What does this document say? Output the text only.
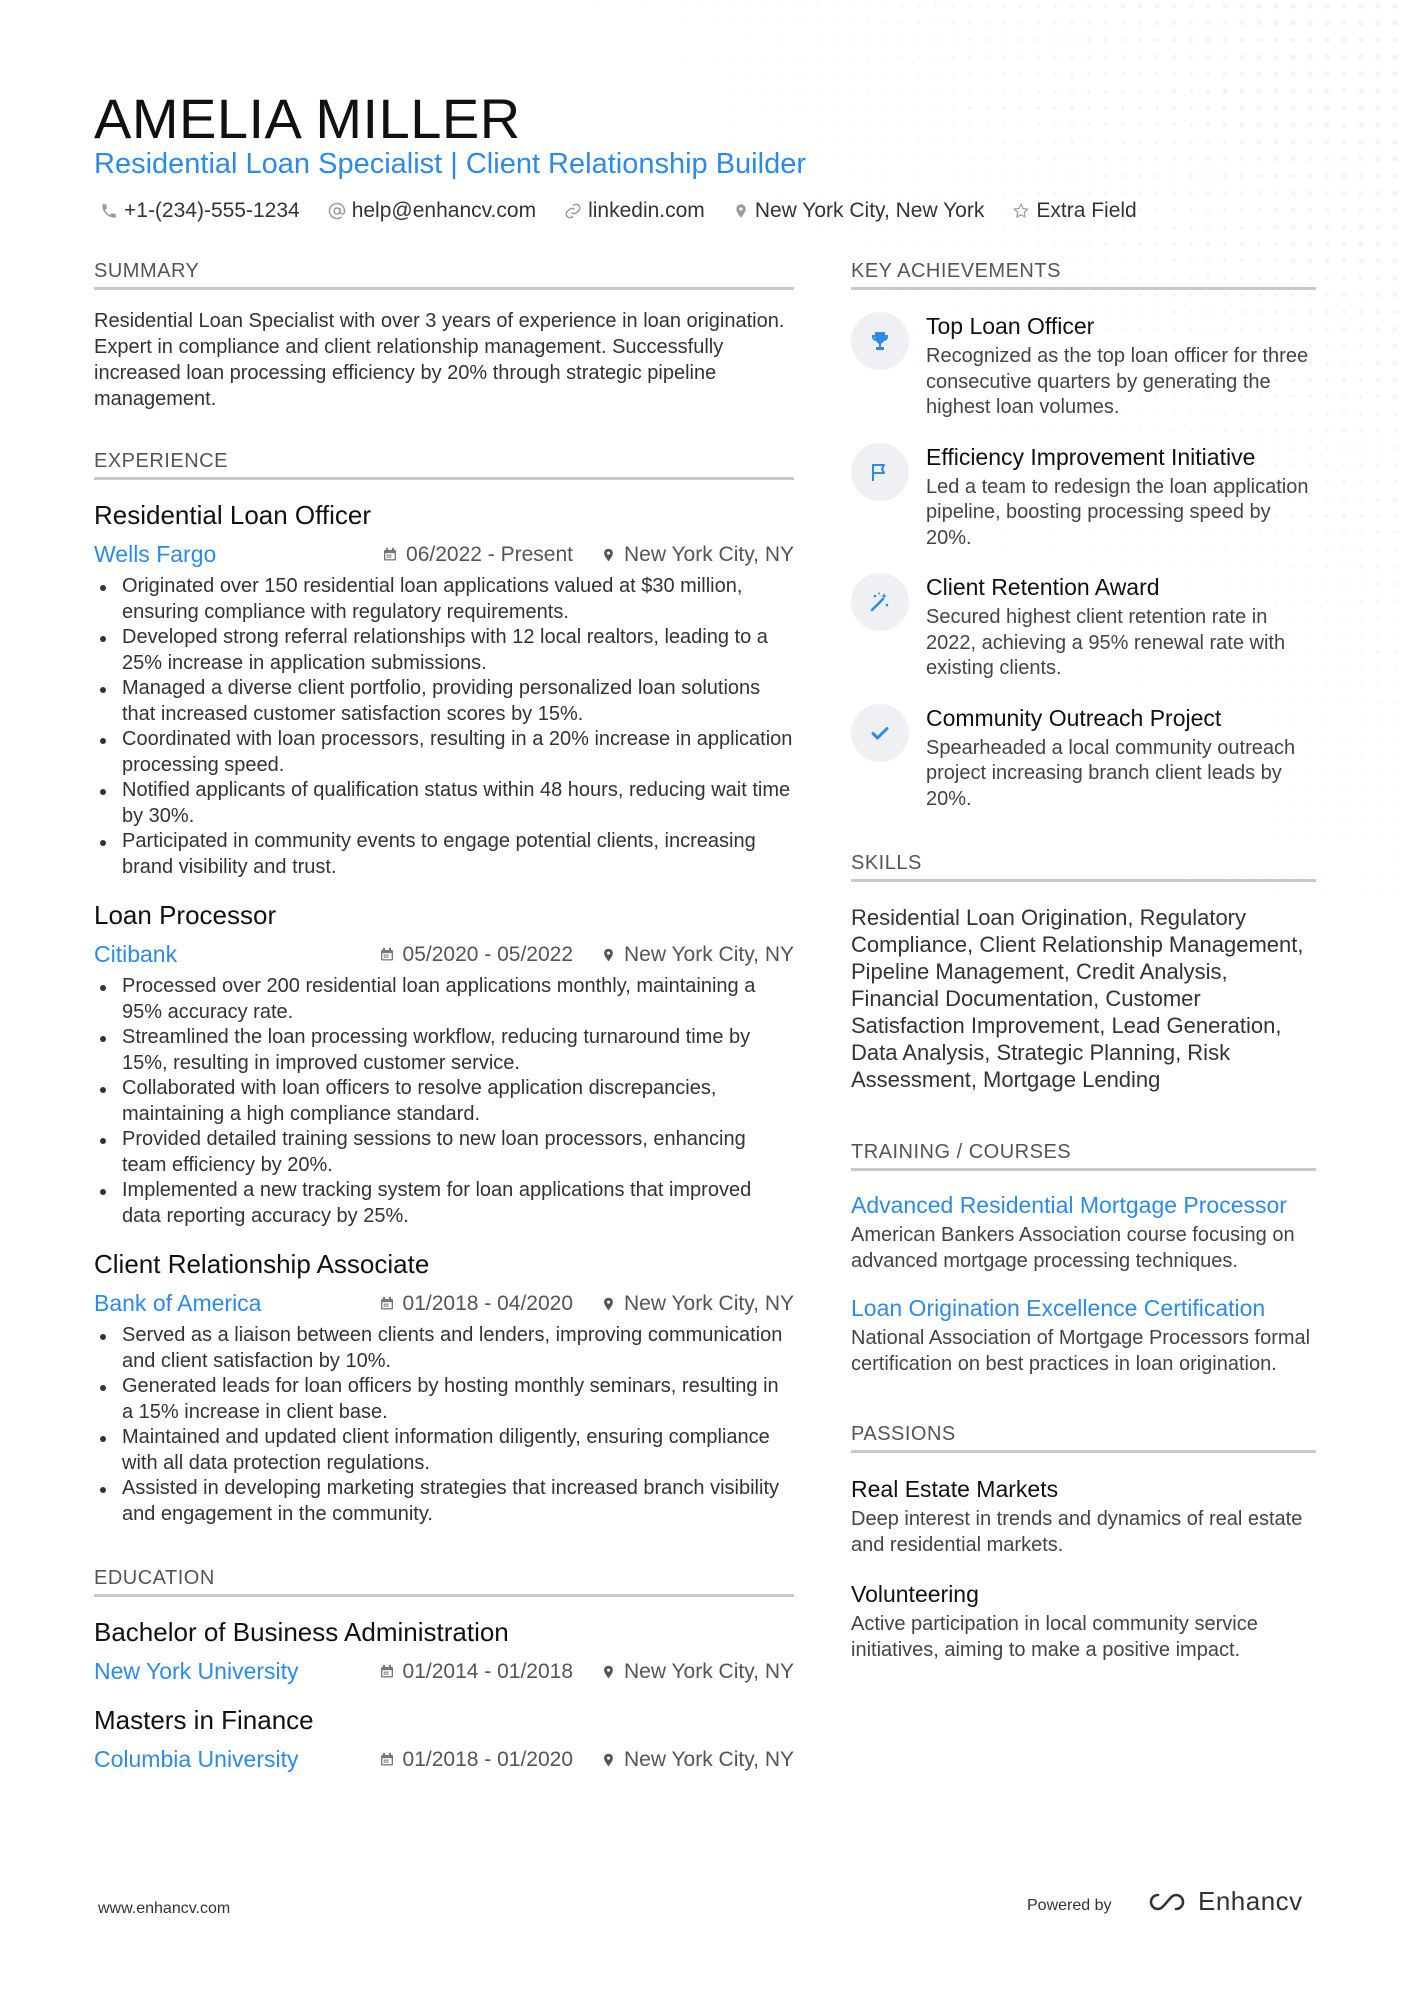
AMELIA MILLER
Residential Loan Specialist | Client Relationship Builder
+1-(234)-555-1234 help@enhancv.com linkedin.com New York City, New York Extra Field
SUMMARY
Residential Loan Specialist with over 3 years of experience in loan origination. Expert in compliance and client relationship management. Successfully increased loan processing efficiency by 20% through strategic pipeline management.
EXPERIENCE
Residential Loan Officer
Wells Fargo	06/2022 - Present New York City, NY
Originated over 150 residential loan applications valued at $30 million, ensuring compliance with regulatory requirements.
Developed strong referral relationships with 12 local realtors, leading to a 25% increase in application submissions.
Managed a diverse client portfolio, providing personalized loan solutions that increased customer satisfaction scores by 15%.
Coordinated with loan processors, resulting in a 20% increase in application processing speed.
Notified applicants of qualification status within 48 hours, reducing wait time by 30%.
Participated in community events to engage potential clients, increasing brand visibility and trust.
Loan Processor
Citibank	05/2020 - 05/2022 New York City, NY
Processed over 200 residential loan applications monthly, maintaining a 95% accuracy rate.
Streamlined the loan processing workflow, reducing turnaround time by 15%, resulting in improved customer service.
Collaborated with loan officers to resolve application discrepancies, maintaining a high compliance standard.
Provided detailed training sessions to new loan processors, enhancing team efficiency by 20%.
Implemented a new tracking system for loan applications that improved data reporting accuracy by 25%.
Client Relationship Associate
Bank of America	01/2018 - 04/2020 New York City, NY
Served as a liaison between clients and lenders, improving communication and client satisfaction by 10%.
Generated leads for loan officers by hosting monthly seminars, resulting in a 15% increase in client base.
Maintained and updated client information diligently, ensuring compliance with all data protection regulations.
Assisted in developing marketing strategies that increased branch visibility and engagement in the community.
EDUCATION
Bachelor of Business Administration
New York University	01/2014 - 01/2018 New York City, NY
Masters in Finance
Columbia University	01/2018 - 01/2020 New York City, NY
KEY ACHIEVEMENTS
Top Loan Officer
Recognized as the top loan officer for three consecutive quarters by generating the highest loan volumes.
Efficiency Improvement Initiative
Led a team to redesign the loan application pipeline, boosting processing speed by 20%.
Client Retention Award
Secured highest client retention rate in 2022, achieving a 95% renewal rate with existing clients.
Community Outreach Project
Spearheaded a local community outreach project increasing branch client leads by 20%.
SKILLS
Residential Loan Origination, Regulatory Compliance, Client Relationship Management, Pipeline Management, Credit Analysis, Financial Documentation, Customer Satisfaction Improvement, Lead Generation, Data Analysis, Strategic Planning, Risk Assessment, Mortgage Lending
TRAINING / COURSES
Advanced Residential Mortgage Processor
American Bankers Association course focusing on advanced mortgage processing techniques.
Loan Origination Excellence Certification
National Association of Mortgage Processors formal certification on best practices in loan origination.
PASSIONS
Real Estate Markets
Deep interest in trends and dynamics of real estate and residential markets.
Volunteering
Active participation in local community service initiatives, aiming to make a positive impact.
www.enhancv.com	Powered by	Enhancv
